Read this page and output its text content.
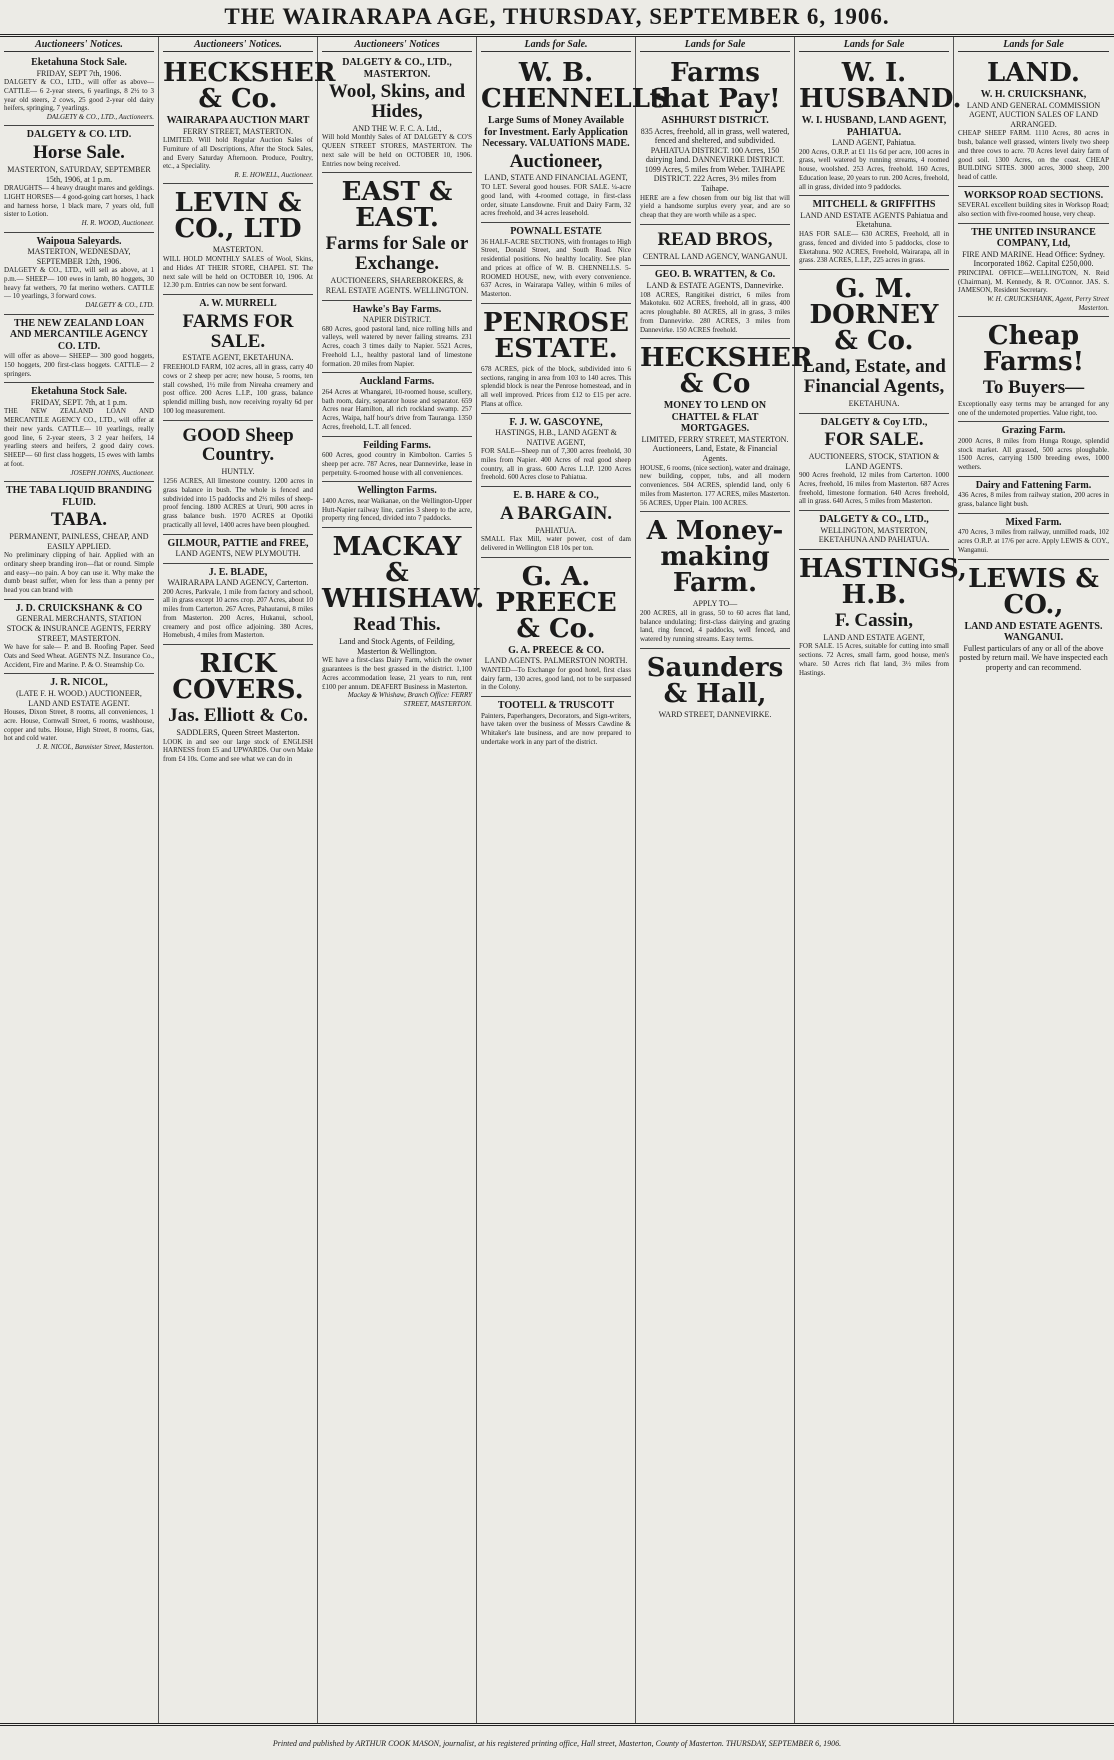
THE WAIRARAPA AGE, THURSDAY, SEPTEMBER 6, 1906.
Auctioneers' Notices.
Eketahuna Stock Sale.
FRIDAY, SEPT 7th, 1906.
DALGETY & CO., LTD., will offer as above— CATTLE— 6 2-year steers, 6 yearlings, 8 2½ to 3 year old steers, 2 cows, 25 good 2-year old dairy heifers, springing, 7 yearlings.
DALGETY & CO., LTD., Auctioneers.
DALGETY & CO. LTD.
Horse Sale.
MASTERTON, SATURDAY, SEPTEMBER 15th, 1906, at 1 p.m.
DRAUGHTS— 4 heavy draught mares and geldings. LIGHT HORSES— 4 good-going cart horses, 1 hack and harness horse, 1 black mare, 7 years old, full sister to Lotion.
H. R. WOOD, Auctioneer.
Waipoua Saleyards.
MASTERTON, WEDNESDAY, SEPTEMBER 12th, 1906.
DALGETY & CO., LTD., will sell as above, at 1 p.m.— SHEEP— 100 ewes in lamb, 80 hoggets, 30 heavy fat wethers, 70 fat merino wethers. CATTLE— 10 yearlings, 3 forward cows.
DALGETY & CO., LTD.
THE NEW ZEALAND LOAN AND MERCANTILE AGENCY CO. LTD.
will offer as above— SHEEP— 300 good hoggets, 150 hoggets, 200 first-class hoggets. CATTLE— 2 springers.
Eketahuna Stock Sale.
FRIDAY, SEPT. 7th, at 1 p.m.
THE NEW ZEALAND LOAN AND MERCANTILE AGENCY CO., LTD., will offer at their new yards. CATTLE— 10 yearlings, really good line, 6 2-year steers, 3 2 year heifers, 14 yearling steers and heifers, 2 good dairy cows. SHEEP— 60 first class hoggets, 15 ewes with lambs at foot.
JOSEPH JOHNS, Auctioneer.
THE TABA LIQUID BRANDING FLUID.
TABA.
PERMANENT, PAINLESS, CHEAP, AND EASILY APPLIED.
No preliminary clipping of hair. Applied with an ordinary sheep branding iron—flat or round. Simple and easy—no pain. A boy can use it. Why make the dumb beast suffer, when for less than a penny per head you can brand with
J. D. CRUICKSHANK & CO
GENERAL MERCHANTS, STATION STOCK & INSURANCE AGENTS, FERRY STREET, MASTERTON.
We have for sale— P. and B. Roofing Paper. Seed Oats and Seed Wheat. AGENTS N.Z. Insurance Co., Accident, Fire and Marine. P. & O. Steamship Co.
J. R. NICOL,
(LATE F. H. WOOD.) AUCTIONEER, LAND AND ESTATE AGENT.
Houses, Dixon Street, 8 rooms, all conveniences, 1 acre. House, Cornwall Street, 6 rooms, washhouse, copper and tubs. House, High Street, 8 rooms, Gas, hot and cold water.
J. R. NICOL, Bannister Street, Masterton.
Auctioneers' Notices.
HECKSHER & Co.
WAIRARAPA AUCTION MART
FERRY STREET, MASTERTON.
LIMITED. Will hold Regular Auction Sales of Furniture of all Descriptions, After the Stock Sales, and Every Saturday Afternoon. Produce, Poultry, etc., a Speciality.
R. E. HOWELL, Auctioneer.
LEVIN & CO., LTD
MASTERTON.
WILL HOLD MONTHLY SALES of Wool, Skins, and Hides AT THEIR STORE, CHAPEL ST. The next sale will be held on OCTOBER 10, 1906. At 12.30 p.m. Entries can now be sent forward.
A. W. MURRELL
FARMS FOR SALE.
ESTATE AGENT, EKETAHUNA.
FREEHOLD FARM, 102 acres, all in grass, carry 40 cows or 2 sheep per acre; new house, 5 rooms, ten stall cowshed, 1½ mile from Nireaha creamery and post office. 200 Acres L.I.P., 100 grass, balance splendid milling bush, now receiving royalty 6d per 100 log measurement.
GOOD Sheep Country.
HUNTLY.
1256 ACRES, All limestone country. 1200 acres in grass balance in bush. The whole is fenced and subdivided into 15 paddocks and 2½ miles of sheep-proof fencing. 1800 ACRES at Ururi, 900 acres in grass balance bush. 1970 ACRES at Opotiki practically all level, 1400 acres have been ploughed.
GILMOUR, PATTIE and FREE,
LAND AGENTS, NEW PLYMOUTH.
J. E. BLADE,
WAIRARAPA LAND AGENCY, Carterton.
200 Acres, Parkvale, 1 mile from factory and school, all in grass except 10 acres crop. 207 Acres, about 10 miles from Carterton. 267 Acres, Pahautanui, 8 miles from Masterton. 200 Acres, Hukanui, school, creamery and post office adjoining. 380 Acres, Homebush, 4 miles from Masterton.
RICK COVERS.
Jas. Elliott & Co.
SADDLERS, Queen Street Masterton.
LOOK in and see our large stock of ENGLISH HARNESS from £5 and UPWARDS. Our own Make from £4 10s. Come and see what we can do in
Auctioneers' Notices
DALGETY & CO., LTD., MASTERTON.
Wool, Skins, and Hides,
AND THE W. F. C. A. Ltd.,
Will hold Monthly Sales of AT DALGETY & CO'S QUEEN STREET STORES, MASTERTON. The next sale will be held on OCTOBER 10, 1906. Entries now being received.
EAST & EAST.
Farms for Sale or Exchange.
AUCTIONEERS, SHAREBROKERS, & REAL ESTATE AGENTS. WELLINGTON.
Hawke's Bay Farms.
NAPIER DISTRICT.
680 Acres, good pastoral land, nice rolling hills and valleys, well watered by never failing streams. 231 Acres, coach 3 times daily to Napier. 5521 Acres, Freehold L.I., healthy pastoral land of limestone formation. 20 miles from Napier.
Auckland Farms.
264 Acres at Whangarei, 10-roomed house, scullery, bath room, dairy, separator house and separator. 659 Acres near Hamilton, all rich rockland swamp. 257 Acres, Waipa, half hour's drive from Tauranga. 1350 Acres, freehold, L.T. all fenced.
Feilding Farms.
600 Acres, good country in Kimbolton. Carries 5 sheep per acre. 787 Acres, near Dannevirke, lease in perpetuity. 6-roomed house with all conveniences.
Wellington Farms.
1400 Acres, near Waikanae, on the Wellington-Upper Hutt-Napier railway line, carries 3 sheep to the acre, property ring fenced, divided into 7 paddocks.
MACKAY & WHISHAW.
Read This.
Land and Stock Agents, of Feilding, Masterton & Wellington.
WE have a first-class Dairy Farm, which the owner guarantees is the best grassed in the district. 1,100 Acres accommodation lease, 21 years to run, rent £100 per annum. DEAFERT Business in Masterton.
Mackay & Whishaw, Branch Office: FERRY STREET, MASTERTON.
Lands for Sale.
W. B. CHENNELLS
Large Sums of Money Available for Investment. Early Application Necessary. VALUATIONS MADE.
Auctioneer,
LAND, STATE AND FINANCIAL AGENT,
TO LET. Several good houses. FOR SALE. ¼-acre good land, with 4-roomed cottage, in first-class order, situate Lansdowne. Fruit and Dairy Farm, 32 acres freehold, and 34 acres leasehold.
POWNALL ESTATE
36 HALF-ACRE SECTIONS, with frontages to High Street, Donald Street, and South Road. Nice residential positions. No healthy locality. See plan and prices at office of W. B. CHENNELLS. 5-ROOMED HOUSE, new, with every convenience. 637 Acres, in Wairarapa Valley, within 6 miles of Masterton.
PENROSE ESTATE.
678 ACRES, pick of the block, subdivided into 6 sections, ranging in area from 103 to 140 acres. This splendid block is near the Penrose homestead, and in all well improved. Prices from £12 to £15 per acre. Plans at office.
F. J. W. GASCOYNE,
HASTINGS, H.B., LAND AGENT & NATIVE AGENT,
FOR SALE—Sheep run of 7,300 acres freehold, 30 miles from Napier. 400 Acres of real good sheep country, all in grass. 600 Acres L.I.P. 1200 Acres freehold. 600 Acres close to Pahiatua.
E. B. HARE & CO.,
A BARGAIN.
PAHIATUA.
SMALL Flax Mill, water power, cost of dam delivered in Wellington £18 10s per ton.
G. A. PREECE & Co.
G. A. PREECE & CO.
LAND AGENTS. PALMERSTON NORTH.
WANTED—To Exchange for good hotel, first class dairy farm, 130 acres, good land, not to be surpassed in the Colony.
TOOTELL & TRUSCOTT
Painters, Paperhangers, Decorators, and Sign-writers, have taken over the business of Messrs Cawdine & Whitaker's late business, and are now prepared to undertake work in any part of the district.
Lands for Sale
Farms that Pay!
ASHHURST DISTRICT.
835 Acres, freehold, all in grass, well watered, fenced and sheltered, and subdivided. PAHIATUA DISTRICT. 100 Acres, 150 dairying land. DANNEVIRKE DISTRICT. 1099 Acres, 5 miles from Weber. TAIHAPE DISTRICT. 222 Acres, 3½ miles from Taihape.
HERE are a few chosen from our big list that will yield a handsome surplus every year, and are so cheap that they are worth while as a spec.
READ BROS,
CENTRAL LAND AGENCY, WANGANUI.
GEO. B. WRATTEN, & Co.
LAND & ESTATE AGENTS, Dannevirke.
108 ACRES, Rangitikei district, 6 miles from Makotuku. 602 ACRES, freehold, all in grass, 400 acres ploughable. 80 ACRES, all in grass, 3 miles from Dannevirke. 280 ACRES, 3 miles from Dannevirke. 150 ACRES freehold.
HECKSHER & Co
MONEY TO LEND ON CHATTEL & FLAT MORTGAGES.
LIMITED, FERRY STREET, MASTERTON. Auctioneers, Land, Estate, & Financial Agents.
HOUSE, 6 rooms, (nice section), water and drainage, new building, copper, tubs, and all modern conveniences. 504 ACRES, splendid land, only 6 miles from Masterton. 177 ACRES, miles Masterton. 56 ACRES, Upper Plain. 100 ACRES.
A Money-making Farm.
APPLY TO—
200 ACRES, all in grass, 50 to 60 acres flat land, balance undulating; first-class dairying and grazing land, ring fenced, 4 paddocks, well fenced, and watered by running streams. Easy terms.
Saunders & Hall,
WARD STREET, DANNEVIRKE.
Lands for Sale
W. I. HUSBAND.
W. I. HUSBAND, LAND AGENT, PAHIATUA.
LAND AGENT, Pahiatua.
200 Acres, O.R.P. at £1 11s 6d per acre, 100 acres in grass, well watered by running streams, 4 roomed house, woolshed. 253 Acres, freehold. 160 Acres, Education lease, 20 years to run. 200 Acres, freehold, all in grass, divided into 9 paddocks.
MITCHELL & GRIFFITHS
LAND AND ESTATE AGENTS Pahiatua and Eketahuna.
HAS FOR SALE— 630 ACRES, Freehold, all in grass, fenced and divided into 5 paddocks, close to Eketahuna. 902 ACRES, Freehold, Wairarapa, all in grass. 238 ACRES, L.I.P., 225 acres in grass.
G. M. DORNEY & Co.
Land, Estate, and Financial Agents,
EKETAHUNA.
DALGETY & Coy LTD.,
FOR SALE.
AUCTIONEERS, STOCK, STATION & LAND AGENTS.
900 Acres freehold, 12 miles from Carterton. 1000 Acres, freehold, 16 miles from Masterton. 687 Acres freehold, limestone formation. 640 Acres freehold, all in grass. 640 Acres, 5 miles from Masterton.
DALGETY & CO., LTD.,
WELLINGTON, MASTERTON, EKETAHUNA AND PAHIATUA.
HASTINGS, H.B.
F. Cassin,
LAND AND ESTATE AGENT,
FOR SALE. 15 Acres, suitable for cutting into small sections. 72 Acres, small farm, good house, men's whare. 50 Acres rich flat land, 3½ miles from Hastings.
Lands for Sale
LAND.
W. H. CRUICKSHANK,
LAND AND GENERAL COMMISSION AGENT, AUCTION SALES OF LAND ARRANGED.
CHEAP SHEEP FARM. 1110 Acres, 80 acres in bush, balance well grassed, winters lively two sheep and three cows to acre. 70 Acres level dairy farm of good soil. 1300 Acres, on the coast. CHEAP BUILDING SITES. 3000 acres, 3000 sheep, 200 head of cattle.
WORKSOP ROAD SECTIONS.
SEVERAL excellent building sites in Worksop Road; also section with five-roomed house, very cheap.
THE UNITED INSURANCE COMPANY, Ltd,
FIRE AND MARINE. Head Office: Sydney. Incorporated 1862. Capital £250,000.
PRINCIPAL OFFICE—WELLINGTON, N. Reid (Chairman), M. Kennedy, & R. O'Connor. JAS. S. JAMESON, Resident Secretary.
W. H. CRUICKSHANK, Agent, Perry Street Masterton.
Cheap Farms!
To Buyers—
Exceptionally easy terms may be arranged for any one of the undernoted properties. Value right, too.
Grazing Farm.
2000 Acres, 8 miles from Hunga Rouge, splendid stock market. All grassed, 500 acres ploughable. 1500 Acres, carrying 1500 breeding ewes, 1000 wethers.
Dairy and Fattening Farm.
436 Acres, 8 miles from railway station, 200 acres in grass, balance light bush.
Mixed Farm.
470 Acres, 3 miles from railway, unmilled roads, 102 acres O.R.P. at 17/6 per acre. Apply LEWIS & COY., Wanganui.
LEWIS & CO.,
LAND AND ESTATE AGENTS. WANGANUI.
Fullest particulars of any or all of the above posted by return mail. We have inspected each property and can recommend.
Printed and published by ARTHUR COOK MASON, journalist, at his registered printing office, Hall street, Masterton, County of Masterton. THURSDAY, SEPTEMBER 6, 1906.
